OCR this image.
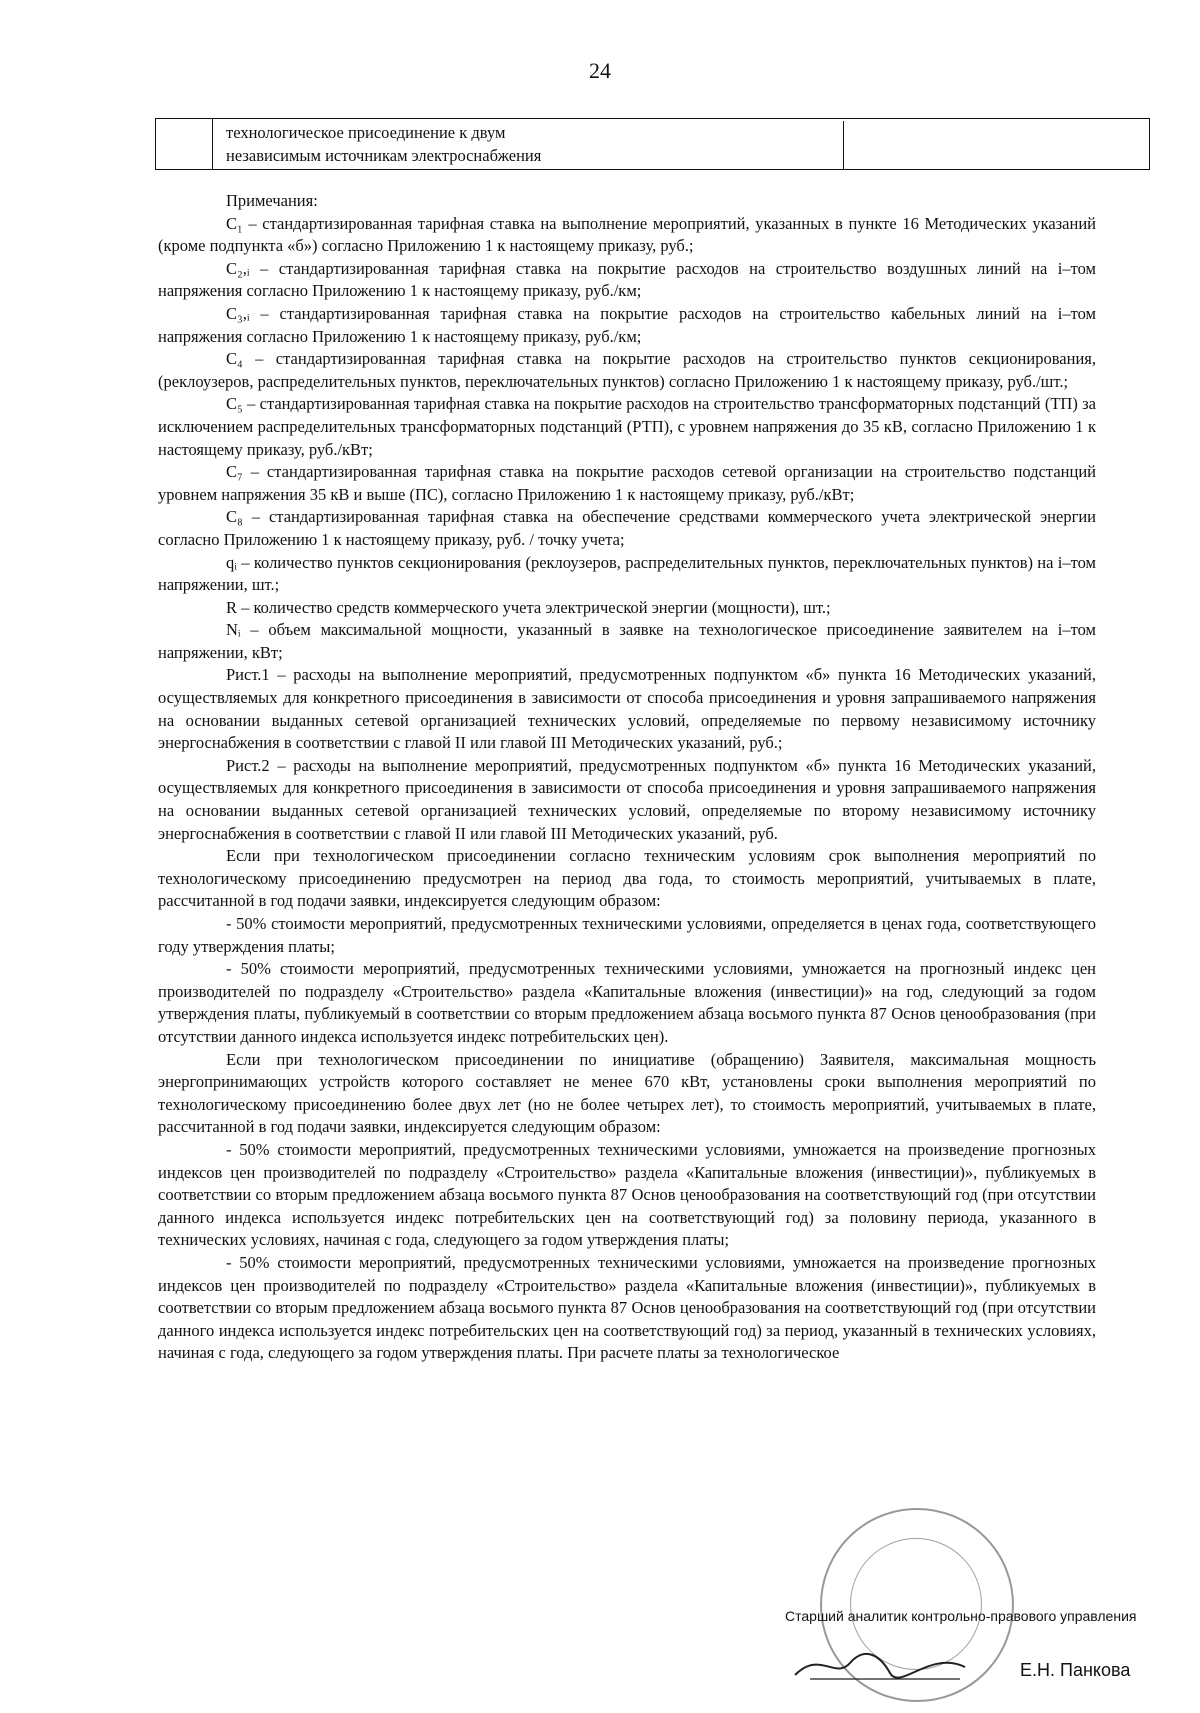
24
технологическое присоединение к двум
независимым источникам электроснабжения

Примечания:

C₁ – стандартизированная тарифная ставка на выполнение мероприятий, указанных в пункте 16 Методических указаний (кроме подпункта «б») согласно Приложению 1 к настоящему приказу, руб.;

C₂,ᵢ – стандартизированная тарифная ставка на покрытие расходов на строительство воздушных линий на i–том напряжения согласно Приложению 1 к настоящему приказу, руб./км;

C₃,ᵢ – стандартизированная тарифная ставка на покрытие расходов на строительство кабельных линий на i–том напряжения согласно Приложению 1 к настоящему приказу, руб./км;

C₄ – стандартизированная тарифная ставка на покрытие расходов на строительство пунктов секционирования, (реклоузеров, распределительных пунктов, переключательных пунктов) согласно Приложению 1 к настоящему приказу, руб./шт.;

C₅ – стандартизированная тарифная ставка на покрытие расходов на строительство трансформаторных подстанций (ТП) за исключением распределительных трансформаторных подстанций (РТП), с уровнем напряжения до 35 кВ, согласно Приложению 1 к настоящему приказу, руб./кВт;

C₇ – стандартизированная тарифная ставка на покрытие расходов сетевой организации на строительство подстанций уровнем напряжения 35 кВ и выше (ПС), согласно Приложению 1 к настоящему приказу, руб./кВт;

C₈ – стандартизированная тарифная ставка на обеспечение средствами коммерческого учета электрической энергии согласно Приложению 1 к настоящему приказу, руб. / точку учета;

qᵢ – количество пунктов секционирования (реклоузеров, распределительных пунктов, переключательных пунктов) на i–том напряжении, шт.;

R – количество средств коммерческого учета электрической энергии (мощности), шт.;

Nᵢ – объем максимальной мощности, указанный в заявке на технологическое присоединение заявителем на i–том напряжении, кВт;

Pист.1 – расходы на выполнение мероприятий, предусмотренных подпунктом «б» пункта 16 Методических указаний, осуществляемых для конкретного присоединения в зависимости от способа присоединения и уровня запрашиваемого напряжения на основании выданных сетевой организацией технических условий, определяемые по первому независимому источнику энергоснабжения в соответствии с главой II или главой III Методических указаний, руб.;

Pист.2 – расходы на выполнение мероприятий, предусмотренных подпунктом «б» пункта 16 Методических указаний, осуществляемых для конкретного присоединения в зависимости от способа присоединения и уровня запрашиваемого напряжения на основании выданных сетевой организацией технических условий, определяемые по второму независимому источнику энергоснабжения в соответствии с главой II или главой III Методических указаний, руб.

Если при технологическом присоединении согласно техническим условиям срок выполнения мероприятий по технологическому присоединению предусмотрен на период два года, то стоимость мероприятий, учитываемых в плате, рассчитанной в год подачи заявки, индексируется следующим образом:

- 50% стоимости мероприятий, предусмотренных техническими условиями, определяется в ценах года, соответствующего году утверждения платы;

- 50% стоимости мероприятий, предусмотренных техническими условиями, умножается на прогнозный индекс цен производителей по подразделу «Строительство» раздела «Капитальные вложения (инвестиции)» на год, следующий за годом утверждения платы, публикуемый в соответствии со вторым предложением абзаца восьмого пункта 87 Основ ценообразования (при отсутствии данного индекса используется индекс потребительских цен).

Если при технологическом присоединении по инициативе (обращению) Заявителя, максимальная мощность энергопринимающих устройств которого составляет не менее 670 кВт, установлены сроки выполнения мероприятий по технологическому присоединению более двух лет (но не более четырех лет), то стоимость мероприятий, учитываемых в плате, рассчитанной в год подачи заявки, индексируется следующим образом:

- 50% стоимости мероприятий, предусмотренных техническими условиями, умножается на произведение прогнозных индексов цен производителей по подразделу «Строительство» раздела «Капитальные вложения (инвестиции)», публикуемых в соответствии со вторым предложением абзаца восьмого пункта 87 Основ ценообразования на соответствующий год (при отсутствии данного индекса используется индекс потребительских цен на соответствующий год) за половину периода, указанного в технических условиях, начиная с года, следующего за годом утверждения платы;

- 50% стоимости мероприятий, предусмотренных техническими условиями, умножается на произведение прогнозных индексов цен производителей по подразделу «Строительство» раздела «Капитальные вложения (инвестиции)», публикуемых в соответствии со вторым предложением абзаца восьмого пункта 87 Основ ценообразования на соответствующий год (при отсутствии данного индекса используется индекс потребительских цен на соответствующий год) за период, указанный в технических условиях, начиная с года, следующего за годом утверждения платы. При расчете платы за технологическое

Старший аналитик контрольно-правового управления
Е.Н. Панкова
